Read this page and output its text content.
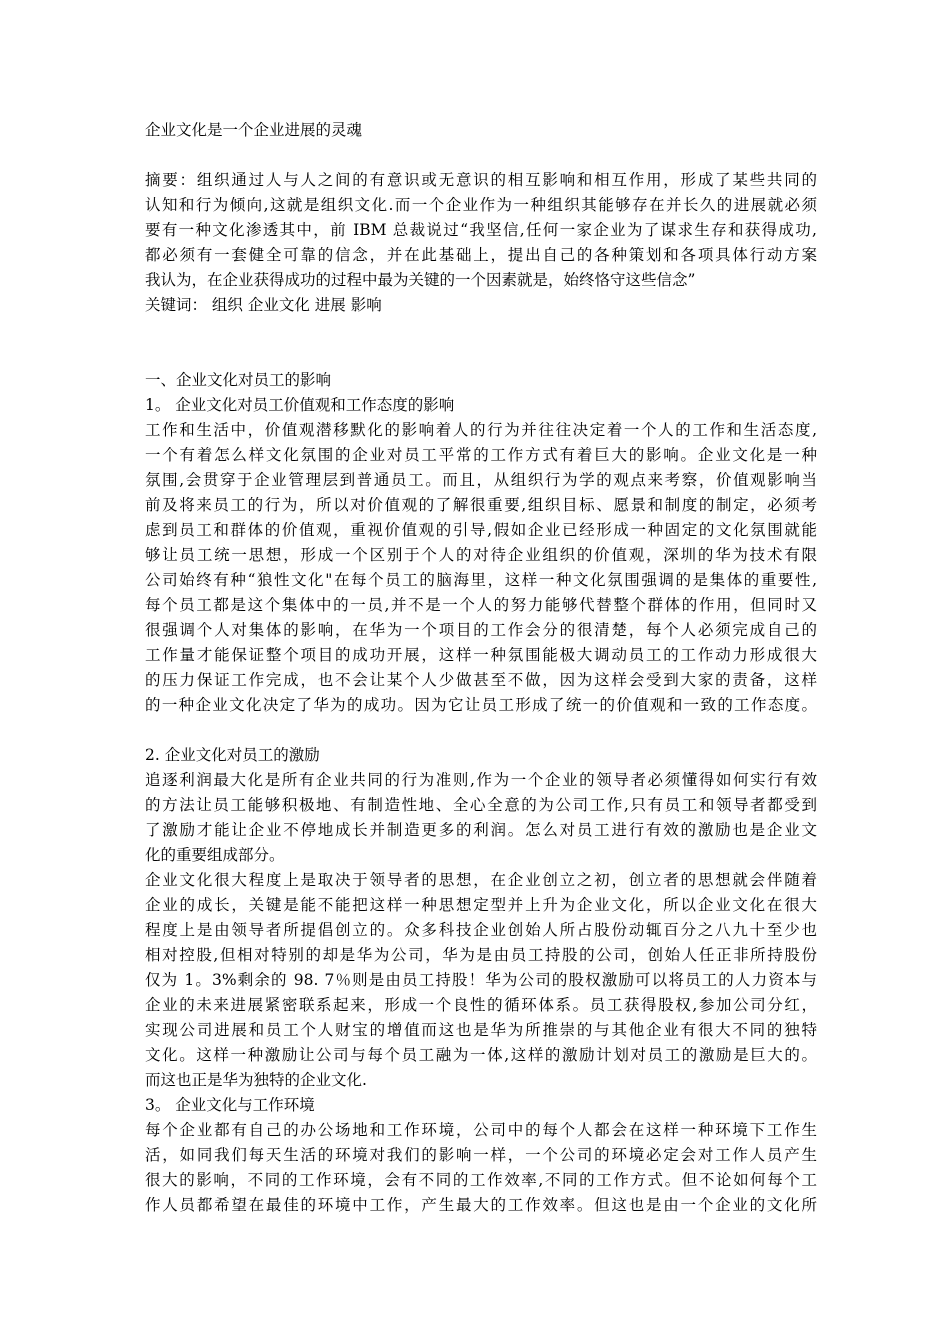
企业文化是一个企业进展的灵魂
摘要：组织通过人与人之间的有意识或无意识的相互影响和相互作用，形成了某些共同的
认知和行为倾向,这就是组织文化.而一个企业作为一种组织其能够存在并长久的进展就必须
要有一种文化渗透其中，前 IBM 总裁说过“我坚信,任何一家企业为了谋求生存和获得成功,
都必须有一套健全可靠的信念，并在此基础上，提出自己的各种策划和各项具体行动方案
我认为，在企业获得成功的过程中最为关键的一个因素就是，始终恪守这些信念”
关键词： 组织 企业文化 进展 影响
一、企业文化对员工的影响
1。 企业文化对员工价值观和工作态度的影响
工作和生活中，价值观潜移默化的影响着人的行为并往往决定着一个人的工作和生活态度,
一个有着怎么样文化氛围的企业对员工平常的工作方式有着巨大的影响。企业文化是一种
氛围,会贯穿于企业管理层到普通员工。而且，从组织行为学的观点来考察，价值观影响当
前及将来员工的行为，所以对价值观的了解很重要,组织目标、愿景和制度的制定，必须考
虑到员工和群体的价值观，重视价值观的引导,假如企业已经形成一种固定的文化氛围就能
够让员工统一思想，形成一个区别于个人的对待企业组织的价值观，深圳的华为技术有限
公司始终有种“狼性文化"在每个员工的脑海里，这样一种文化氛围强调的是集体的重要性,
每个员工都是这个集体中的一员,并不是一个人的努力能够代替整个群体的作用，但同时又
很强调个人对集体的影响，在华为一个项目的工作会分的很清楚，每个人必须完成自己的
工作量才能保证整个项目的成功开展，这样一种氛围能极大调动员工的工作动力形成很大
的压力保证工作完成，也不会让某个人少做甚至不做，因为这样会受到大家的责备，这样
的一种企业文化决定了华为的成功。因为它让员工形成了统一的价值观和一致的工作态度。
2. 企业文化对员工的激励
追逐利润最大化是所有企业共同的行为准则,作为一个企业的领导者必须懂得如何实行有效
的方法让员工能够积极地、有制造性地、全心全意的为公司工作,只有员工和领导者都受到
了激励才能让企业不停地成长并制造更多的利润。怎么对员工进行有效的激励也是企业文
化的重要组成部分。
企业文化很大程度上是取决于领导者的思想，在企业创立之初，创立者的思想就会伴随着
企业的成长，关键是能不能把这样一种思想定型并上升为企业文化，所以企业文化在很大
程度上是由领导者所提倡创立的。众多科技企业创始人所占股份动辄百分之八九十至少也
相对控股,但相对特别的却是华为公司，华为是由员工持股的公司，创始人任正非所持股份
仅为 1。3%剩余的 98. 7％则是由员工持股！华为公司的股权激励可以将员工的人力资本与
企业的未来进展紧密联系起来，形成一个良性的循环体系。员工获得股权,参加公司分红，
实现公司进展和员工个人财宝的增值而这也是华为所推崇的与其他企业有很大不同的独特
文化。这样一种激励让公司与每个员工融为一体,这样的激励计划对员工的激励是巨大的。
而这也正是华为独特的企业文化.
3。 企业文化与工作环境
每个企业都有自己的办公场地和工作环境，公司中的每个人都会在这样一种环境下工作生
活，如同我们每天生活的环境对我们的影响一样，一个公司的环境必定会对工作人员产生
很大的影响，不同的工作环境，会有不同的工作效率,不同的工作方式。但不论如何每个工
作人员都希望在最佳的环境中工作，产生最大的工作效率。但这也是由一个企业的文化所
